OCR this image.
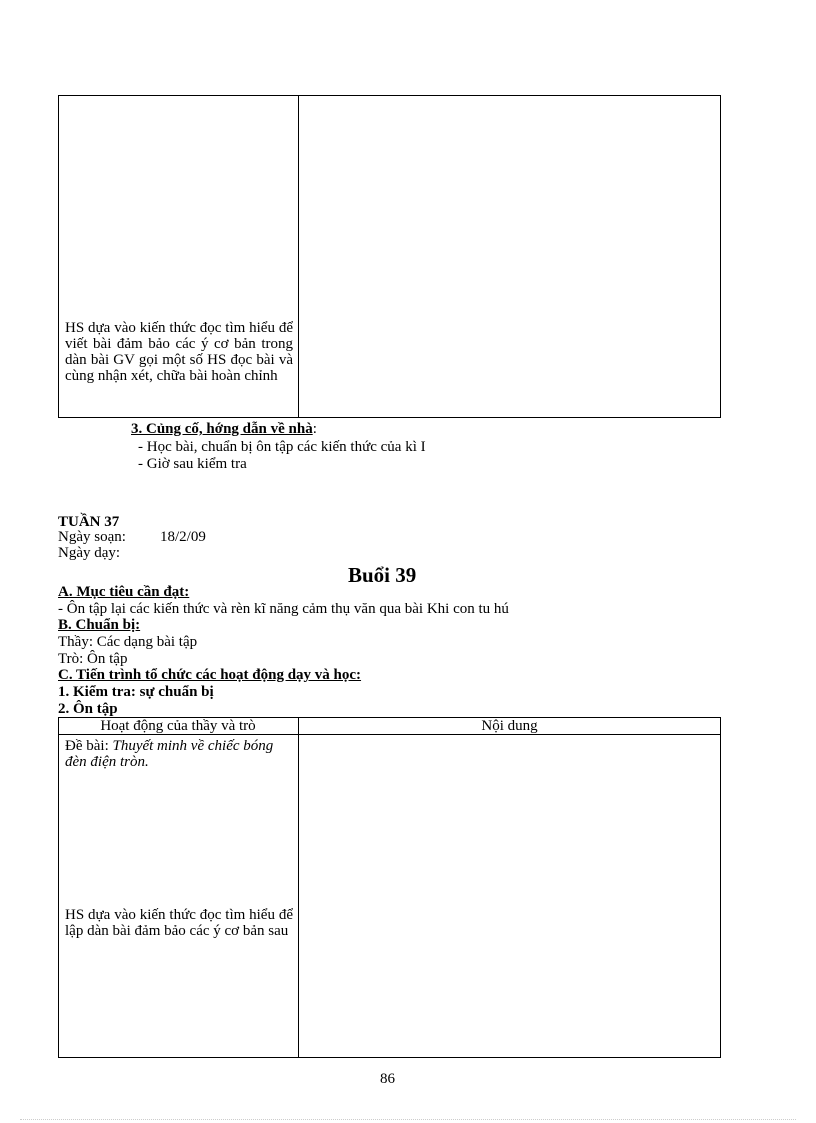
HS dựa vào kiến thức đọc tìm hiểu để viết bài đảm bảo các ý cơ bản trong dàn bài GV gọi một số HS đọc bài và cùng nhận xét, chữa bài hoàn chỉnh
3. Củng cố, hớng dẫn về nhà:
- Học bài, chuẩn bị ôn tập các kiến thức của kì I
- Giờ sau kiểm tra
TUẦN 37
Ngày soạn: 18/2/09
Ngày dạy:
Buổi 39
A. Mục tiêu cần đạt:
- Ôn tập lại các kiến thức và rèn kĩ năng cảm thụ văn qua bài Khi con tu hú
B. Chuẩn bị:
Thầy: Các dạng bài tập
Trò: Ôn tập
C. Tiến trình tổ chức các hoạt động dạy và học:
1. Kiểm tra: sự chuẩn bị
2. Ôn tập
Hoạt động của thầy và trò	Nội dung
Đề bài: Thuyết minh về chiếc bóng đèn điện tròn.
HS dựa vào kiến thức đọc tìm hiểu để lập dàn bài đảm bảo các ý cơ bản sau
86
